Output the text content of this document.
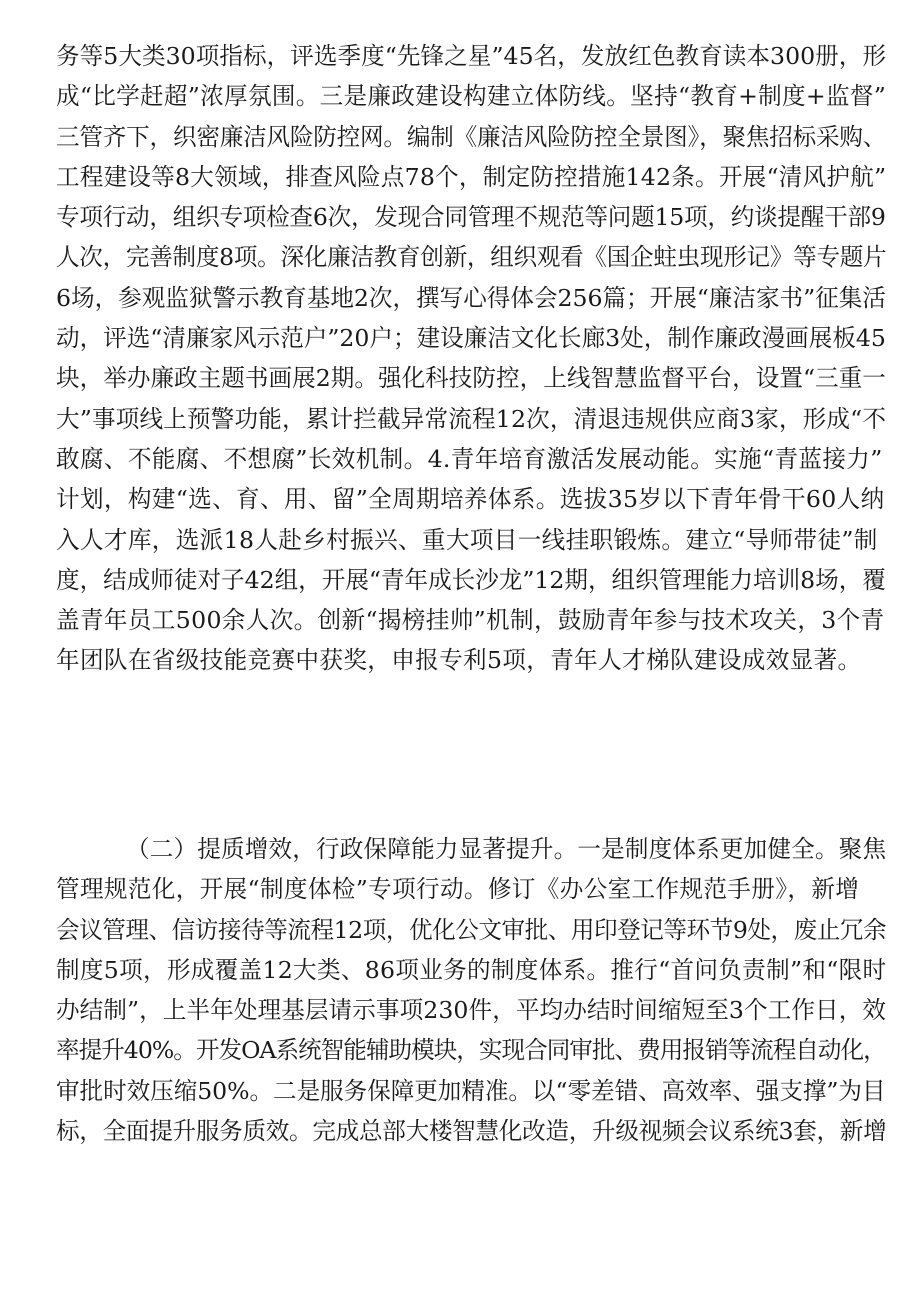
务等5大类30项指标，评选季度“先锋之星”45名，发放红色教育读本300册，形
成“比学赶超”浓厚氛围。三是廉政建设构建立体防线。坚持“教育+制度+监督”
三管齐下，织密廉洁风险防控网。编制《廉洁风险防控全景图》，聚焦招标采购、
工程建设等8大领域，排查风险点78个，制定防控措施142条。开展“清风护航”
专项行动，组织专项检查6次，发现合同管理不规范等问题15项，约谈提醒干部9
人次，完善制度8项。深化廉洁教育创新，组织观看《国企蛀虫现形记》等专题片
6场，参观监狱警示教育基地2次，撰写心得体会256篇；开展“廉洁家书”征集活
动，评选“清廉家风示范户”20户；建设廉洁文化长廊3处，制作廉政漫画展板45
块，举办廉政主题书画展2期。强化科技防控，上线智慧监督平台，设置“三重一
大”事项线上预警功能，累计拦截异常流程12次，清退违规供应商3家，形成“不
敢腐、不能腐、不想腐”长效机制。4.青年培育激活发展动能。实施“青蓝接力”
计划，构建“选、育、用、留”全周期培养体系。选拔35岁以下青年骨干60人纳
入人才库，选派18人赴乡村振兴、重大项目一线挂职锻炼。建立“导师带徒”制
度，结成师徒对子42组，开展“青年成长沙龙”12期，组织管理能力培训8场，覆
盖青年员工500余人次。创新“揭榜挂帅”机制，鼓励青年参与技术攻关，3个青
年团队在省级技能竞赛中获奖，申报专利5项，青年人才梯队建设成效显著。
（二）提质增效，行政保障能力显著提升。一是制度体系更加健全。聚焦
管理规范化，开展“制度体检”专项行动。修订《办公室工作规范手册》，新增
会议管理、信访接待等流程12项，优化公文审批、用印登记等环节9处，废止冗余
制度5项，形成覆盖12大类、86项业务的制度体系。推行“首问负责制”和“限时
办结制”，上半年处理基层请示事项230件，平均办结时间缩短至3个工作日，效
率提升40%。开发OA系统智能辅助模块，实现合同审批、费用报销等流程自动化，
审批时效压缩50%。二是服务保障更加精准。以“零差错、高效率、强支撑”为目
标，全面提升服务质效。完成总部大楼智慧化改造，升级视频会议系统3套，新增
